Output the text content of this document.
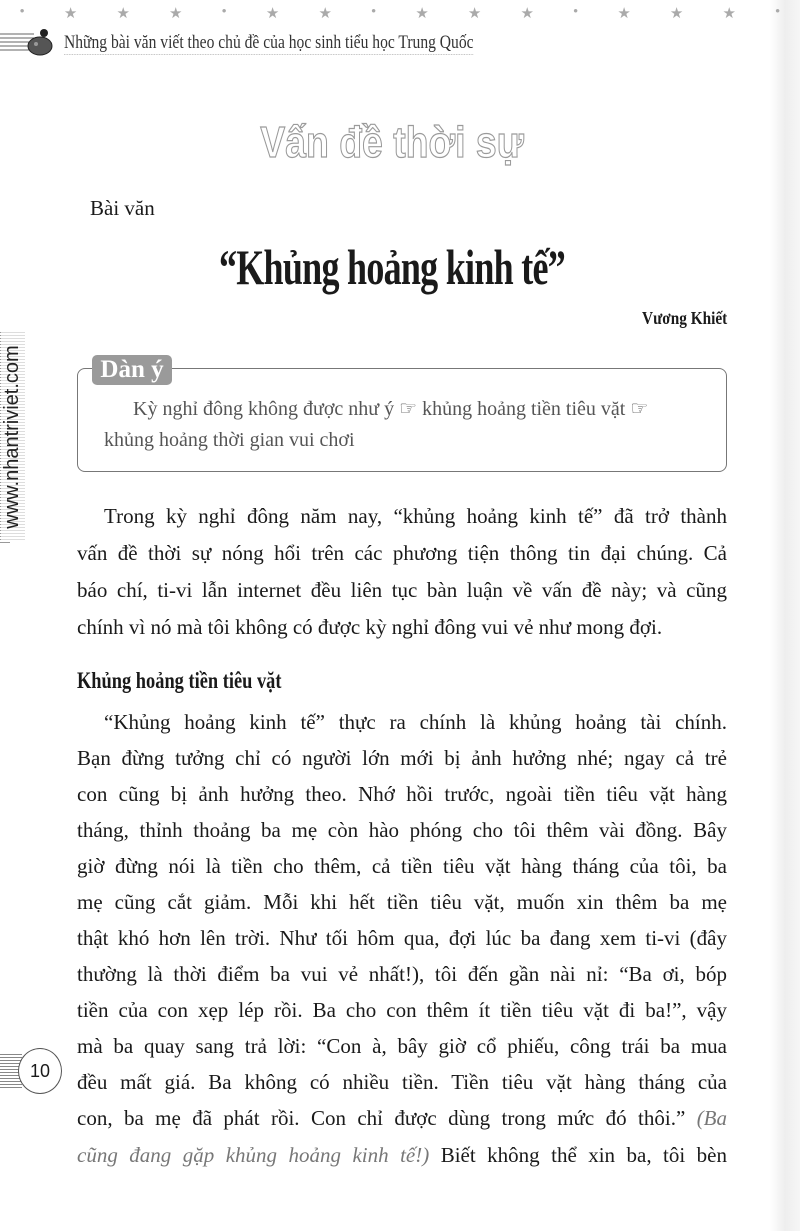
•	★	★	★	•	★	★	•	★	★	★	•	★	★	★	•
Những bài văn viết theo chủ đề của học sinh tiểu học Trung Quốc
Vấn đề thời sự
Bài văn
“Khủng hoảng kinh tế”
Vương Khiết
Dàn ý
Kỳ nghỉ đông không được như ý ☞ khủng hoảng tiền tiêu vặt ☞
khủng hoảng thời gian vui chơi
Trong kỳ nghỉ đông năm nay, “khủng hoảng kinh tế” đã trở thành
vấn đề thời sự nóng hổi trên các phương tiện thông tin đại chúng. Cả
báo chí, ti-vi lẫn internet đều liên tục bàn luận về vấn đề này; và cũng
chính vì nó mà tôi không có được kỳ nghỉ đông vui vẻ như mong đợi.
Khủng hoảng tiền tiêu vặt
“Khủng hoảng kinh tế” thực ra chính là khủng hoảng tài chính.
Bạn đừng tưởng chỉ có người lớn mới bị ảnh hưởng nhé; ngay cả trẻ
con cũng bị ảnh hưởng theo. Nhớ hồi trước, ngoài tiền tiêu vặt hàng
tháng, thỉnh thoảng ba mẹ còn hào phóng cho tôi thêm vài đồng. Bây
giờ đừng nói là tiền cho thêm, cả tiền tiêu vặt hàng tháng của tôi, ba
mẹ cũng cắt giảm. Mỗi khi hết tiền tiêu vặt, muốn xin thêm ba mẹ
thật khó hơn lên trời. Như tối hôm qua, đợi lúc ba đang xem ti-vi (đây
thường là thời điểm ba vui vẻ nhất!), tôi đến gần nài nỉ: “Ba ơi, bóp
tiền của con xẹp lép rồi. Ba cho con thêm ít tiền tiêu vặt đi ba!”, vậy
mà ba quay sang trả lời: “Con à, bây giờ cổ phiếu, công trái ba mua
đều mất giá. Ba không có nhiều tiền. Tiền tiêu vặt hàng tháng của
con, ba mẹ đã phát rồi. Con chỉ được dùng trong mức đó thôi.” (Ba
cũng đang gặp khủng hoảng kinh tế!) Biết không thể xin ba, tôi bèn
www.nhantriviet.com
10
